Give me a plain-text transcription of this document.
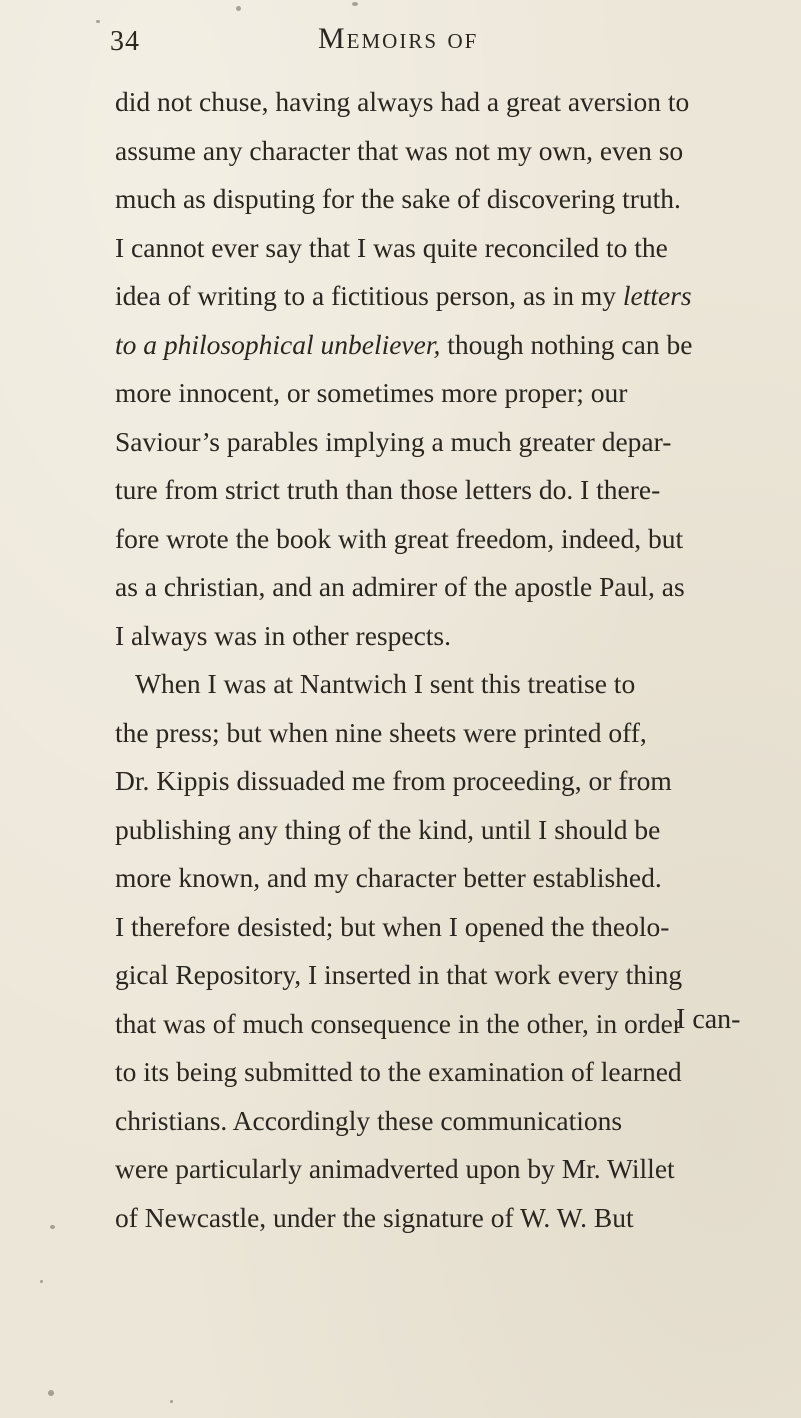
34	Memoirs of
did not chuse, having always had a great aversion to
assume any character that was not my own, even so
much as disputing for the sake of discovering truth.
I cannot ever say that I was quite reconciled to the
idea of writing to a fictitious person, as in my letters
to a philosophical unbeliever, though nothing can be
more innocent, or sometimes more proper; our
Saviour’s parables implying a much greater depar-
ture from strict truth than those letters do. I there-
fore wrote the book with great freedom, indeed, but
as a christian, and an admirer of the apostle Paul, as
I always was in other respects.
When I was at Nantwich I sent this treatise to
the press; but when nine sheets were printed off,
Dr. Kippis dissuaded me from proceeding, or from
publishing any thing of the kind, until I should be
more known, and my character better established.
I therefore desisted; but when I opened the theolo-
gical Repository, I inserted in that work every thing
that was of much consequence in the other, in order
to its being submitted to the examination of learned
christians. Accordingly these communications
were particularly animadverted upon by Mr. Willet
of Newcastle, under the signature of W. W. But
I can-
